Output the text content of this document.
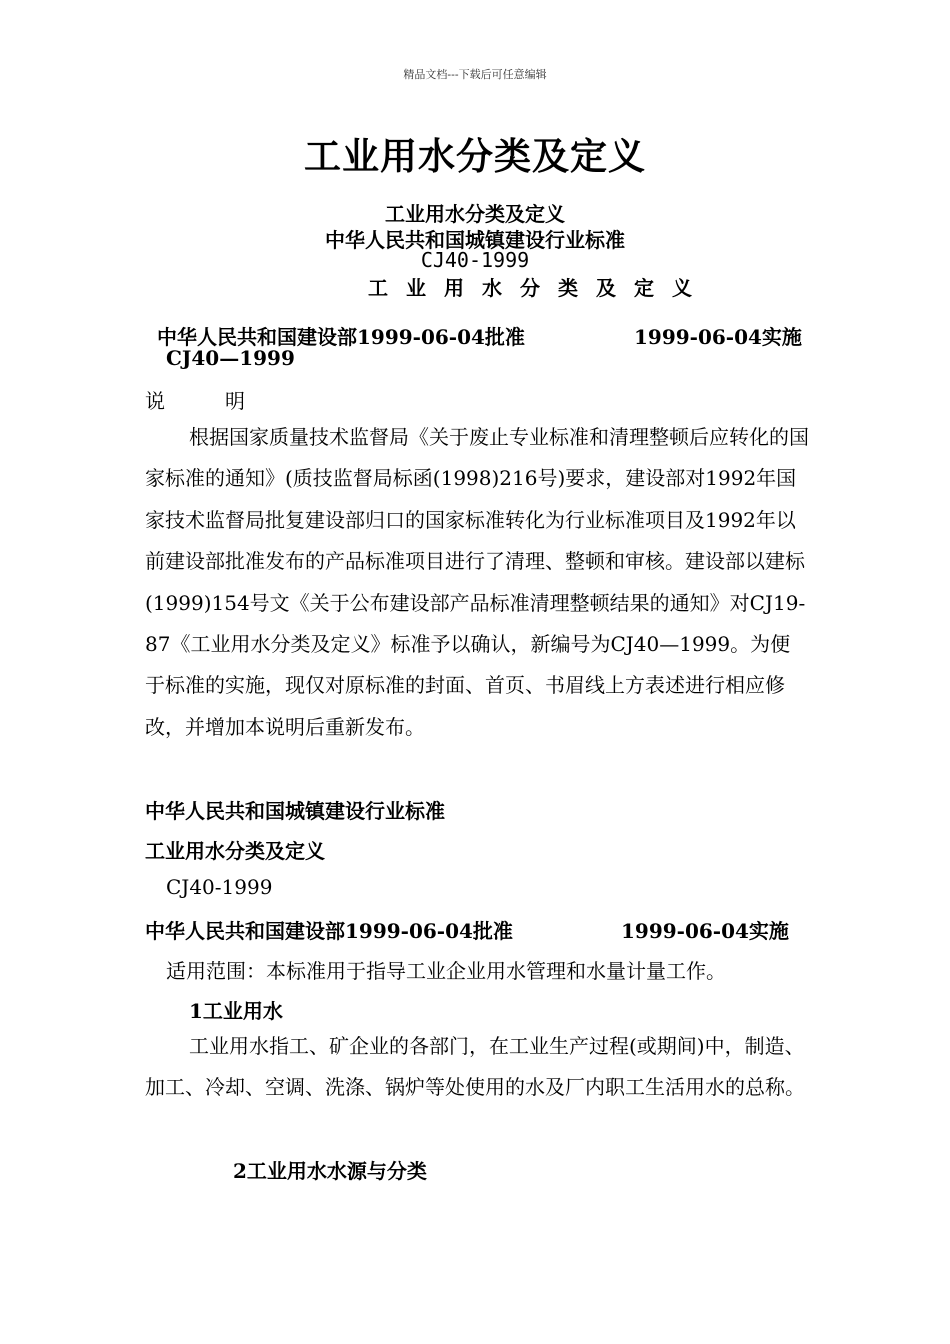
精品文档---下载后可任意编辑
工业用水分类及定义
工业用水分类及定义
中华人民共和国城镇建设行业标准
CJ40-1999
工业用水分类及定义
中华人民共和国建设部1999-06-04批准	1999-06-04实施
CJ40—1999
说　　　明
根据国家质量技术监督局《关于废止专业标准和清理整顿后应转化的国家标准的通知》(质技监督局标函(1998)216号)要求，建设部对1992年国家技术监督局批复建设部归口的国家标准转化为行业标准项目及1992年以前建设部批准发布的产品标准项目进行了清理、整顿和审核。建设部以建标(1999)154号文《关于公布建设部产品标准清理整顿结果的通知》对CJ19-87《工业用水分类及定义》标准予以确认，新编号为CJ40—1999。为便于标准的实施，现仅对原标准的封面、首页、书眉线上方表述进行相应修改，并增加本说明后重新发布。
中华人民共和国城镇建设行业标准
工业用水分类及定义
CJ40-1999
中华人民共和国建设部1999-06-04批准	1999-06-04实施
适用范围：本标准用于指导工业企业用水管理和水量计量工作。
1工业用水
工业用水指工、矿企业的各部门，在工业生产过程(或期间)中，制造、加工、冷却、空调、洗涤、锅炉等处使用的水及厂内职工生活用水的总称。
2工业用水水源与分类
